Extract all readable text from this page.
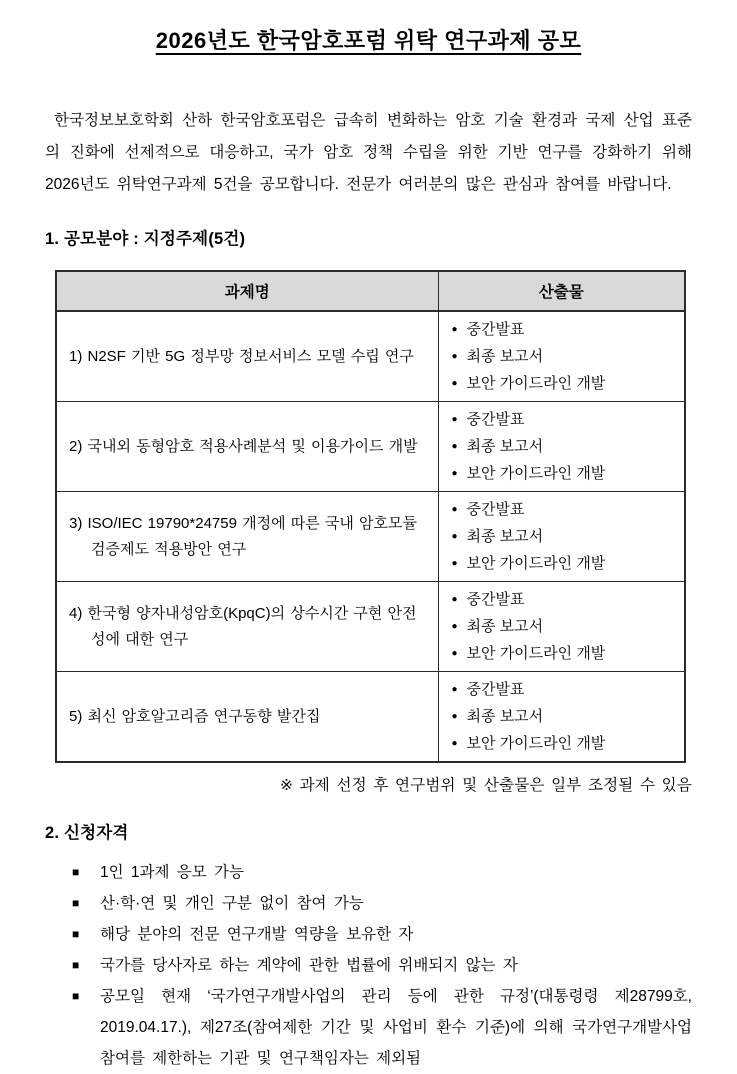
2026년도 한국암호포럼 위탁 연구과제 공모

한국정보보호학회 산하 한국암호포럼은 급속히 변화하는 암호 기술 환경과 국제 산업 표준의 진화에 선제적으로 대응하고, 국가 암호 정책 수립을 위한 기반 연구를 강화하기 위해 2026년도 위탁연구과제 5건을 공모합니다. 전문가 여러분의 많은 관심과 참여를 바랍니다.

1. 공모분야 : 지정주제(5건)
과제명	산출물

1) N2SF 기반 5G 정부망 정보서비스 모델 수립 연구	● 중간발표
● 최종 보고서
● 보안 가이드라인 개발

2) 국내외 동형암호 적용사례분석 및 이용가이드 개발	● 중간발표
● 최종 보고서
● 보안 가이드라인 개발

3) ISO/IEC 19790*24759 개정에 따른 국내 암호모듈 검증제도 적용방안 연구	● 중간발표
● 최종 보고서
● 보안 가이드라인 개발

4) 한국형 양자내성암호(KpqC)의 상수시간 구현 안전성에 대한 연구	● 중간발표
● 최종 보고서
● 보안 가이드라인 개발

5) 최신 암호알고리즘 연구동향 발간집	● 중간발표
● 최종 보고서
● 보안 가이드라인 개발
※ 과제 선정 후 연구범위 및 산출물은 일부 조정될 수 있음
2. 신청자격
■ 1인 1과제 응모 가능
■ 산·학·연 및 개인 구분 없이 참여 가능
■ 해당 분야의 전문 연구개발 역량을 보유한 자
■ 국가를 당사자로 하는 계약에 관한 법률에 위배되지 않는 자
■ 공모일 현재 ‘국가연구개발사업의 관리 등에 관한 규정’(대통령령 제28799호, 2019.04.17.), 제27조(참여제한 기간 및 사업비 환수 기준)에 의해 국가연구개발사업 참여를 제한하는 기관 및 연구책임자는 제외됨
